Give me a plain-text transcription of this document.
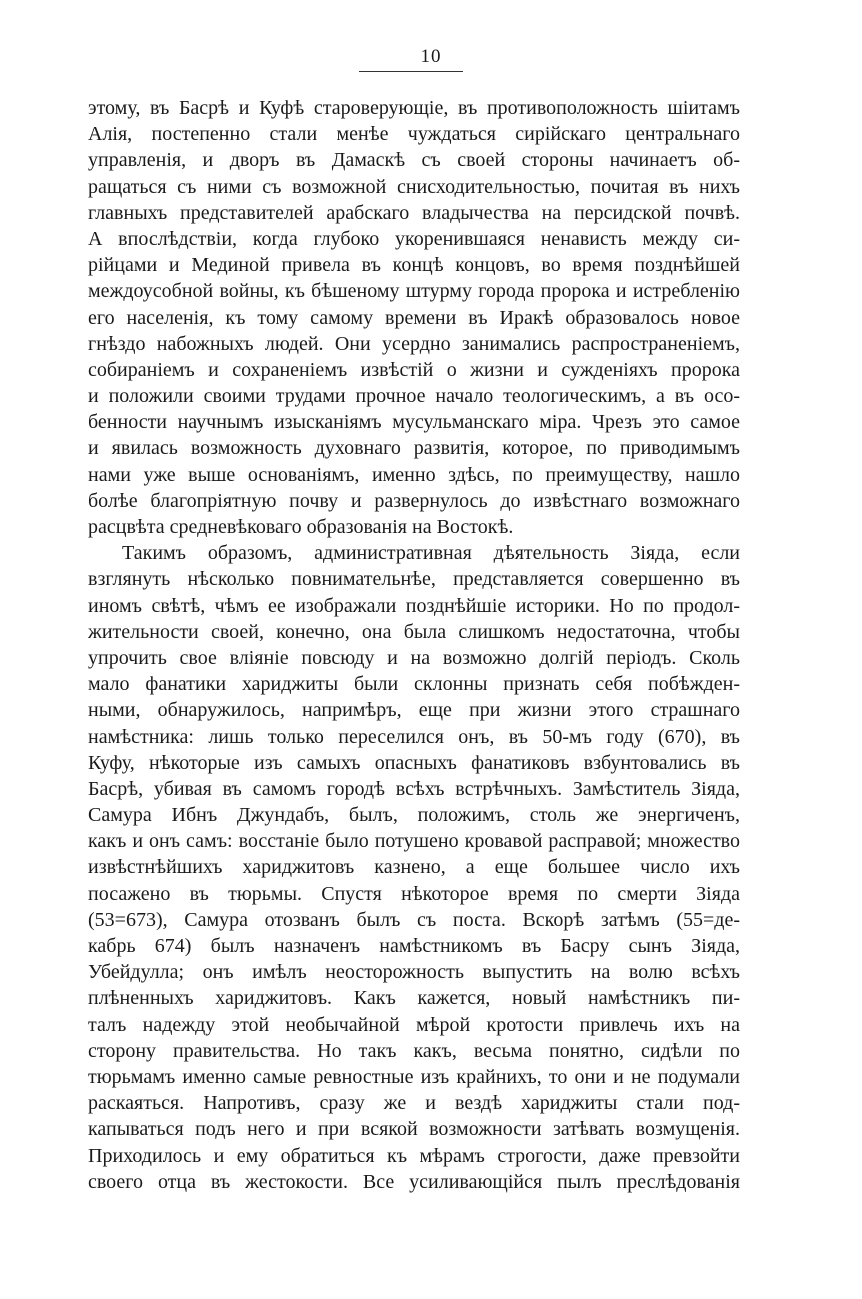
10
этому, въ Басрѣ и Куфѣ староверующіе, въ противоположность шіитамъ
Алія, постепенно стали менѣе чуждаться сирійскаго центральнаго
управленія, и дворъ въ Дамаскѣ съ своей стороны начинаетъ об-
ращаться съ ними съ возможной снисходительностью, почитая въ нихъ
главныхъ представителей арабскаго владычества на персидской почвѣ.
А впослѣдствіи, когда глубоко укоренившаяся ненависть между си-
рійцами и Мединой привела въ концѣ концовъ, во время позднѣйшей
междоусобной войны, къ бѣшеному штурму города пророка и истребленію
его населенія, къ тому самому времени въ Иракѣ образовалось новое
гнѣздо набожныхъ людей. Они усердно занимались распространеніемъ,
собираніемъ и сохраненіемъ извѣстій о жизни и сужденіяхъ пророка
и положили своими трудами прочное начало теологическимъ, а въ осо-
бенности научнымъ изысканіямъ мусульманскаго міра. Чрезъ это самое
и явилась возможность духовнаго развитія, которое, по приводимымъ
нами уже выше основаніямъ, именно здѣсь, по преимуществу, нашло
болѣе благопріятную почву и развернулось до извѣстнаго возможнаго
расцвѣта средневѣковаго образованія на Востокѣ.
Такимъ образомъ, административная дѣятельность Зіяда, если
взглянуть нѣсколько повнимательнѣе, представляется совершенно въ
иномъ свѣтѣ, чѣмъ ее изображали позднѣйшіе историки. Но по продол-
жительности своей, конечно, она была слишкомъ недостаточна, чтобы
упрочить свое вліяніе повсюду и на возможно долгій періодъ. Сколь
мало фанатики хариджиты были склонны признать себя побѣжден-
ными, обнаружилось, напримѣръ, еще при жизни этого страшнаго
намѣстника: лишь только переселился онъ, въ 50-мъ году (670), въ
Куфу, нѣкоторые изъ самыхъ опасныхъ фанатиковъ взбунтовались въ
Басрѣ, убивая въ самомъ городѣ всѣхъ встрѣчныхъ. Замѣститель Зіяда,
Самура Ибнъ Джундабъ, былъ, положимъ, столь же энергиченъ,
какъ и онъ самъ: восстаніе было потушено кровавой расправой; множество
извѣстнѣйшихъ хариджитовъ казнено, а еще большее число ихъ
посажено въ тюрьмы. Спустя нѣкоторое время по смерти Зіяда
(53=673), Самура отозванъ былъ съ поста. Вскорѣ затѣмъ (55=де-
кабрь 674) былъ назначенъ намѣстникомъ въ Басру сынъ Зіяда,
Убейдулла; онъ имѣлъ неосторожность выпустить на волю всѣхъ
плѣненныхъ хариджитовъ. Какъ кажется, новый намѣстникъ пи-
талъ надежду этой необычайной мѣрой кротости привлечь ихъ на
сторону правительства. Но такъ какъ, весьма понятно, сидѣли по
тюрьмамъ именно самые ревностные изъ крайнихъ, то они и не подумали
раскаяться. Напротивъ, сразу же и вездѣ хариджиты стали под-
капываться подъ него и при всякой возможности затѣвать возмущенія.
Приходилось и ему обратиться къ мѣрамъ строгости, даже превзойти
своего отца въ жестокости. Все усиливающійся пылъ преслѣдованія
